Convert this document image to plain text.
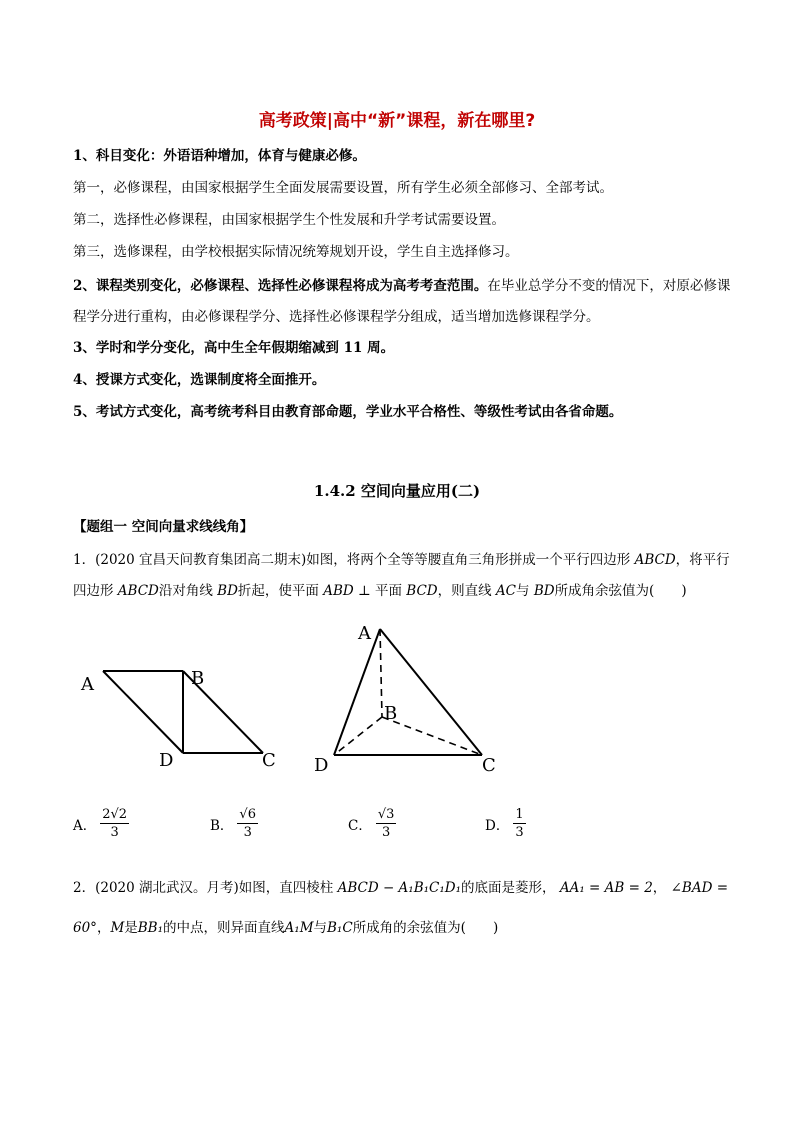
高考政策|高中“新”课程，新在哪里?
1、科目变化：外语语种增加，体育与健康必修。
第一，必修课程，由国家根据学生全面发展需要设置，所有学生必须全部修习、全部考试。
第二，选择性必修课程，由国家根据学生个性发展和升学考试需要设置。
第三，选修课程，由学校根据实际情况统筹规划开设，学生自主选择修习。
2、课程类别变化，必修课程、选择性必修课程将成为高考考查范围。在毕业总学分不变的情况下，对原必修课程学分进行重构，由必修课程学分、选择性必修课程学分组成，适当增加选修课程学分。
3、学时和学分变化，高中生全年假期缩减到 11 周。
4、授课方式变化，选课制度将全面推开。
5、考试方式变化，高考统考科目由教育部命题，学业水平合格性、等级性考试由各省命题。
1.4.2 空间向量应用(二)
【题组一 空间向量求线线角】
1．(2020 宜昌天问教育集团高二期末)如图，将两个全等等腰直角三角形拼成一个平行四边形 ABCD，将平行四边形 ABCD沿对角线 BD折起，使平面 ABD ⊥ 平面 BCD，则直线 AC与 BD所成角余弦值为(　　)
A	B
C
D
A
B
C
D
A． $\frac{2√2}{3}$	B． $\frac{√6}{3}$	C． $\frac{√3}{3}$	D． $\frac{1}{3}$
2．(2020 湖北武汉。月考)如图，直四棱柱 ABCD − A₁B₁C₁D₁的底面是菱形， AA₁ = AB = 2， ∠BAD = 60°，M是BB₁的中点，则异面直线A₁M与B₁C所成角的余弦值为(　　)
